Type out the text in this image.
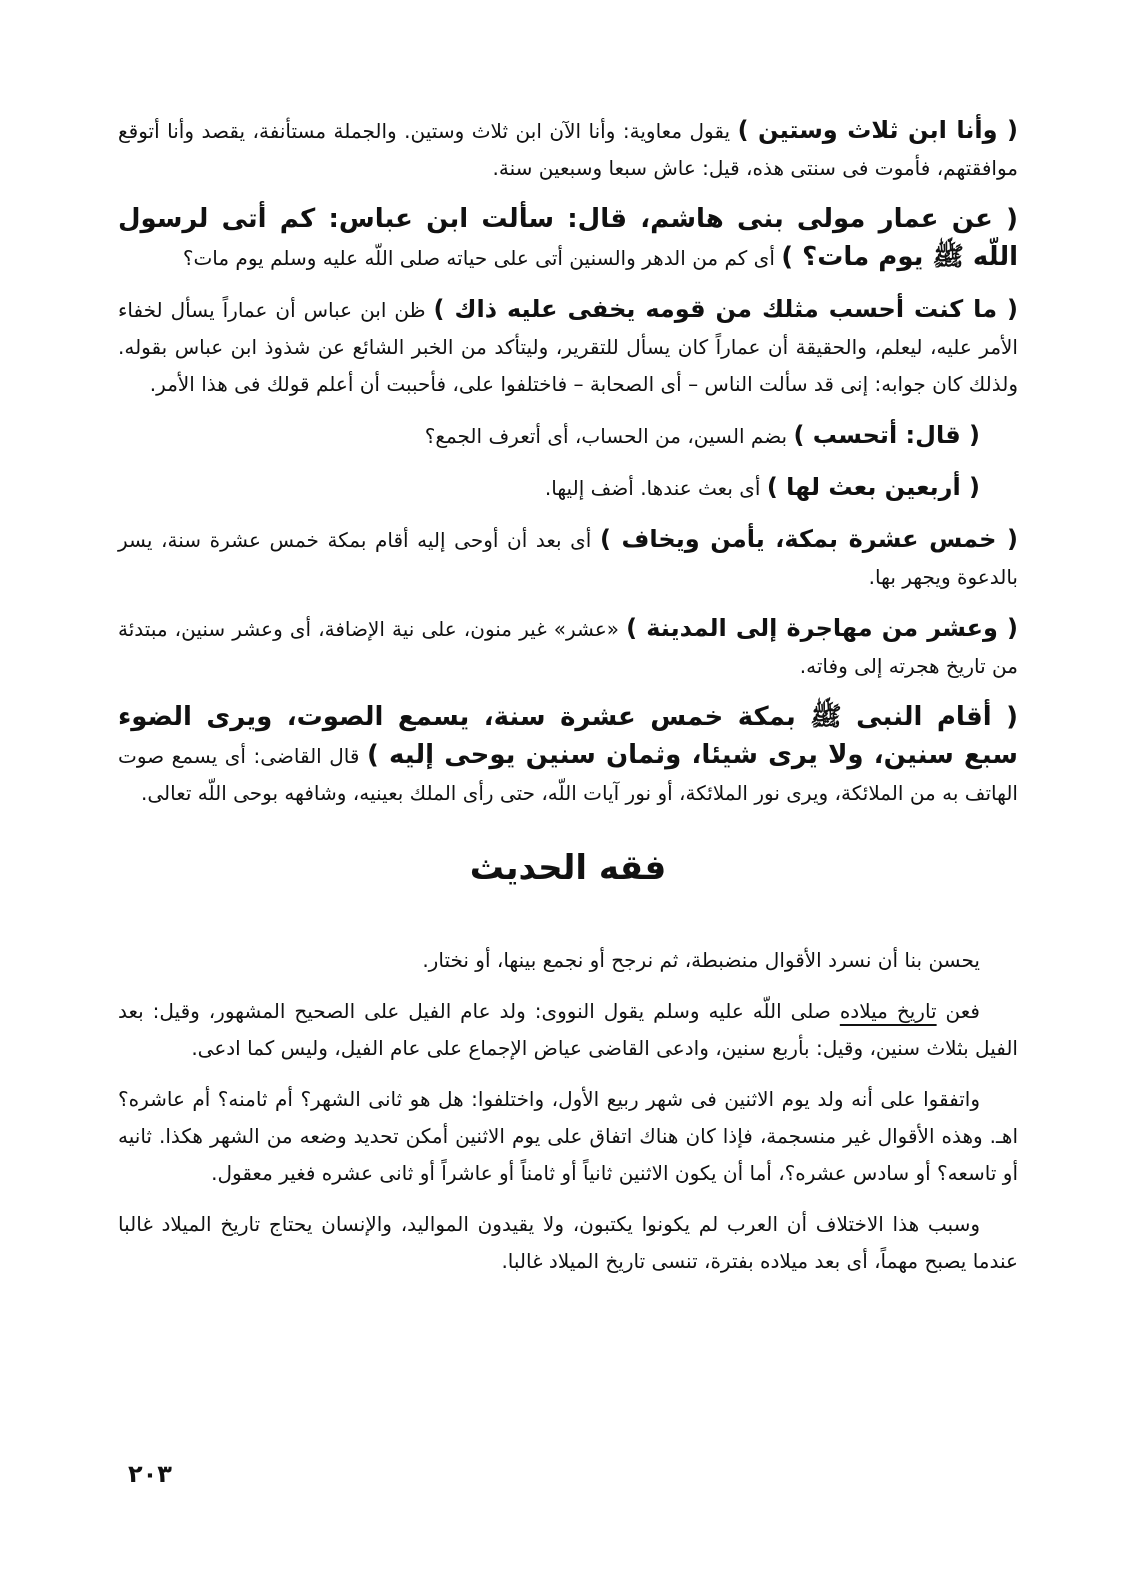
( وأنا ابن ثلاث وستين ) يقول معاوية: وأنا الآن ابن ثلاث وستين. والجملة مستأنفة، يقصد وأنا أتوقع موافقتهم، فأموت فى سنتى هذه، قيل: عاش سبعا وسبعين سنة.

( عن عمار مولى بنى هاشم، قال: سألت ابن عباس: كم أتى لرسول اللّه ﷺ يوم مات؟ ) أى كم من الدهر والسنين أتى على حياته صلى اللّه عليه وسلم يوم مات؟

( ما كنت أحسب مثلك من قومه يخفى عليه ذاك ) ظن ابن عباس أن عماراً يسأل لخفاء الأمر عليه، ليعلم، والحقيقة أن عماراً كان يسأل للتقرير، وليتأكد من الخبر الشائع عن شذوذ ابن عباس بقوله. ولذلك كان جوابه: إنى قد سألت الناس – أى الصحابة – فاختلفوا على، فأحببت أن أعلم قولك فى هذا الأمر.

( قال: أتحسب ) بضم السين، من الحساب، أى أتعرف الجمع؟

( أربعين بعث لها ) أى بعث عندها. أضف إليها.

( خمس عشرة بمكة، يأمن ويخاف ) أى بعد أن أوحى إليه أقام بمكة خمس عشرة سنة، يسر بالدعوة ويجهر بها.

( وعشر من مهاجرة إلى المدينة ) «عشر» غير منون، على نية الإضافة، أى وعشر سنين، مبتدئة من تاريخ هجرته إلى وفاته.

( أقام النبى ﷺ بمكة خمس عشرة سنة، يسمع الصوت، ويرى الضوء سبع سنين، ولا يرى شيئا، وثمان سنين يوحى إليه ) قال القاضى: أى يسمع صوت الهاتف به من الملائكة، ويرى نور الملائكة، أو نور آيات اللّه، حتى رأى الملك بعينيه، وشافهه بوحى اللّه تعالى.

فقه الحديث

يحسن بنا أن نسرد الأقوال منضبطة، ثم نرجح أو نجمع بينها، أو نختار.

فعن تاريخ ميلاده صلى اللّه عليه وسلم يقول النووى: ولد عام الفيل على الصحيح المشهور، وقيل: بعد الفيل بثلاث سنين، وقيل: بأربع سنين، وادعى القاضى عياض الإجماع على عام الفيل، وليس كما ادعى.

واتفقوا على أنه ولد يوم الاثنين فى شهر ربيع الأول، واختلفوا: هل هو ثانى الشهر؟ أم ثامنه؟ أم عاشره؟ اهـ. وهذه الأقوال غير منسجمة، فإذا كان هناك اتفاق على يوم الاثنين أمكن تحديد وضعه من الشهر هكذا. ثانيه أو تاسعه؟ أو سادس عشره؟، أما أن يكون الاثنين ثانياً أو ثامناً أو عاشراً أو ثانى عشره فغير معقول.

وسبب هذا الاختلاف أن العرب لم يكونوا يكتبون، ولا يقيدون المواليد، والإنسان يحتاج تاريخ الميلاد غالبا عندما يصبح مهماً، أى بعد ميلاده بفترة، تنسى تاريخ الميلاد غالبا.

٢٠٣
